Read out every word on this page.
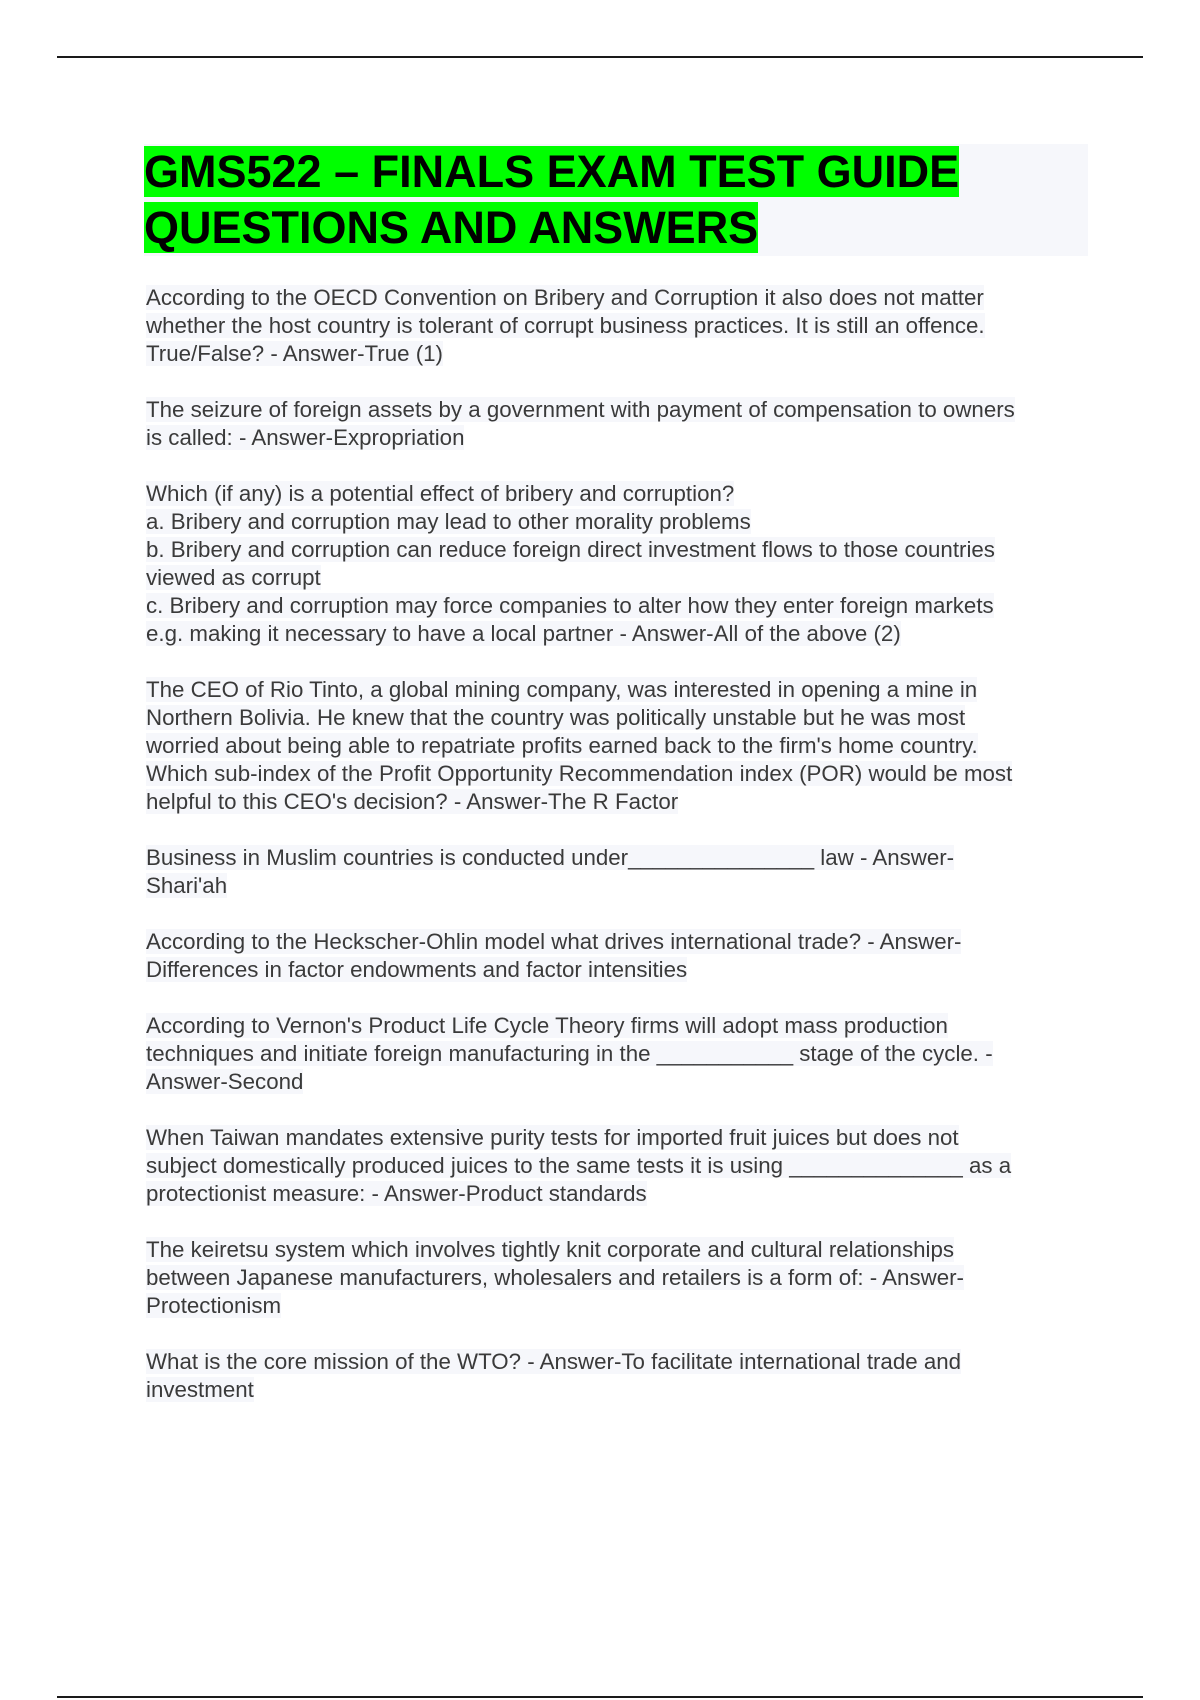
GMS522 – FINALS EXAM TEST GUIDE
QUESTIONS AND ANSWERS
According to the OECD Convention on Bribery and Corruption it also does not matter
whether the host country is tolerant of corrupt business practices. It is still an offence.
True/False? - Answer-True (1)
The seizure of foreign assets by a government with payment of compensation to owners
is called: - Answer-Expropriation
Which (if any) is a potential effect of bribery and corruption?
a. Bribery and corruption may lead to other morality problems
b. Bribery and corruption can reduce foreign direct investment flows to those countries
viewed as corrupt
c. Bribery and corruption may force companies to alter how they enter foreign markets
e.g. making it necessary to have a local partner - Answer-All of the above (2)
The CEO of Rio Tinto, a global mining company, was interested in opening a mine in
Northern Bolivia. He knew that the country was politically unstable but he was most
worried about being able to repatriate profits earned back to the firm's home country.
Which sub-index of the Profit Opportunity Recommendation index (POR) would be most
helpful to this CEO's decision? - Answer-The R Factor
Business in Muslim countries is conducted under_______________ law - Answer-
Shari'ah
According to the Heckscher-Ohlin model what drives international trade? - Answer-
Differences in factor endowments and factor intensities
According to Vernon's Product Life Cycle Theory firms will adopt mass production
techniques and initiate foreign manufacturing in the ___________ stage of the cycle. -
Answer-Second
When Taiwan mandates extensive purity tests for imported fruit juices but does not
subject domestically produced juices to the same tests it is using ______________ as a
protectionist measure: - Answer-Product standards
The keiretsu system which involves tightly knit corporate and cultural relationships
between Japanese manufacturers, wholesalers and retailers is a form of: - Answer-
Protectionism
What is the core mission of the WTO? - Answer-To facilitate international trade and
investment
